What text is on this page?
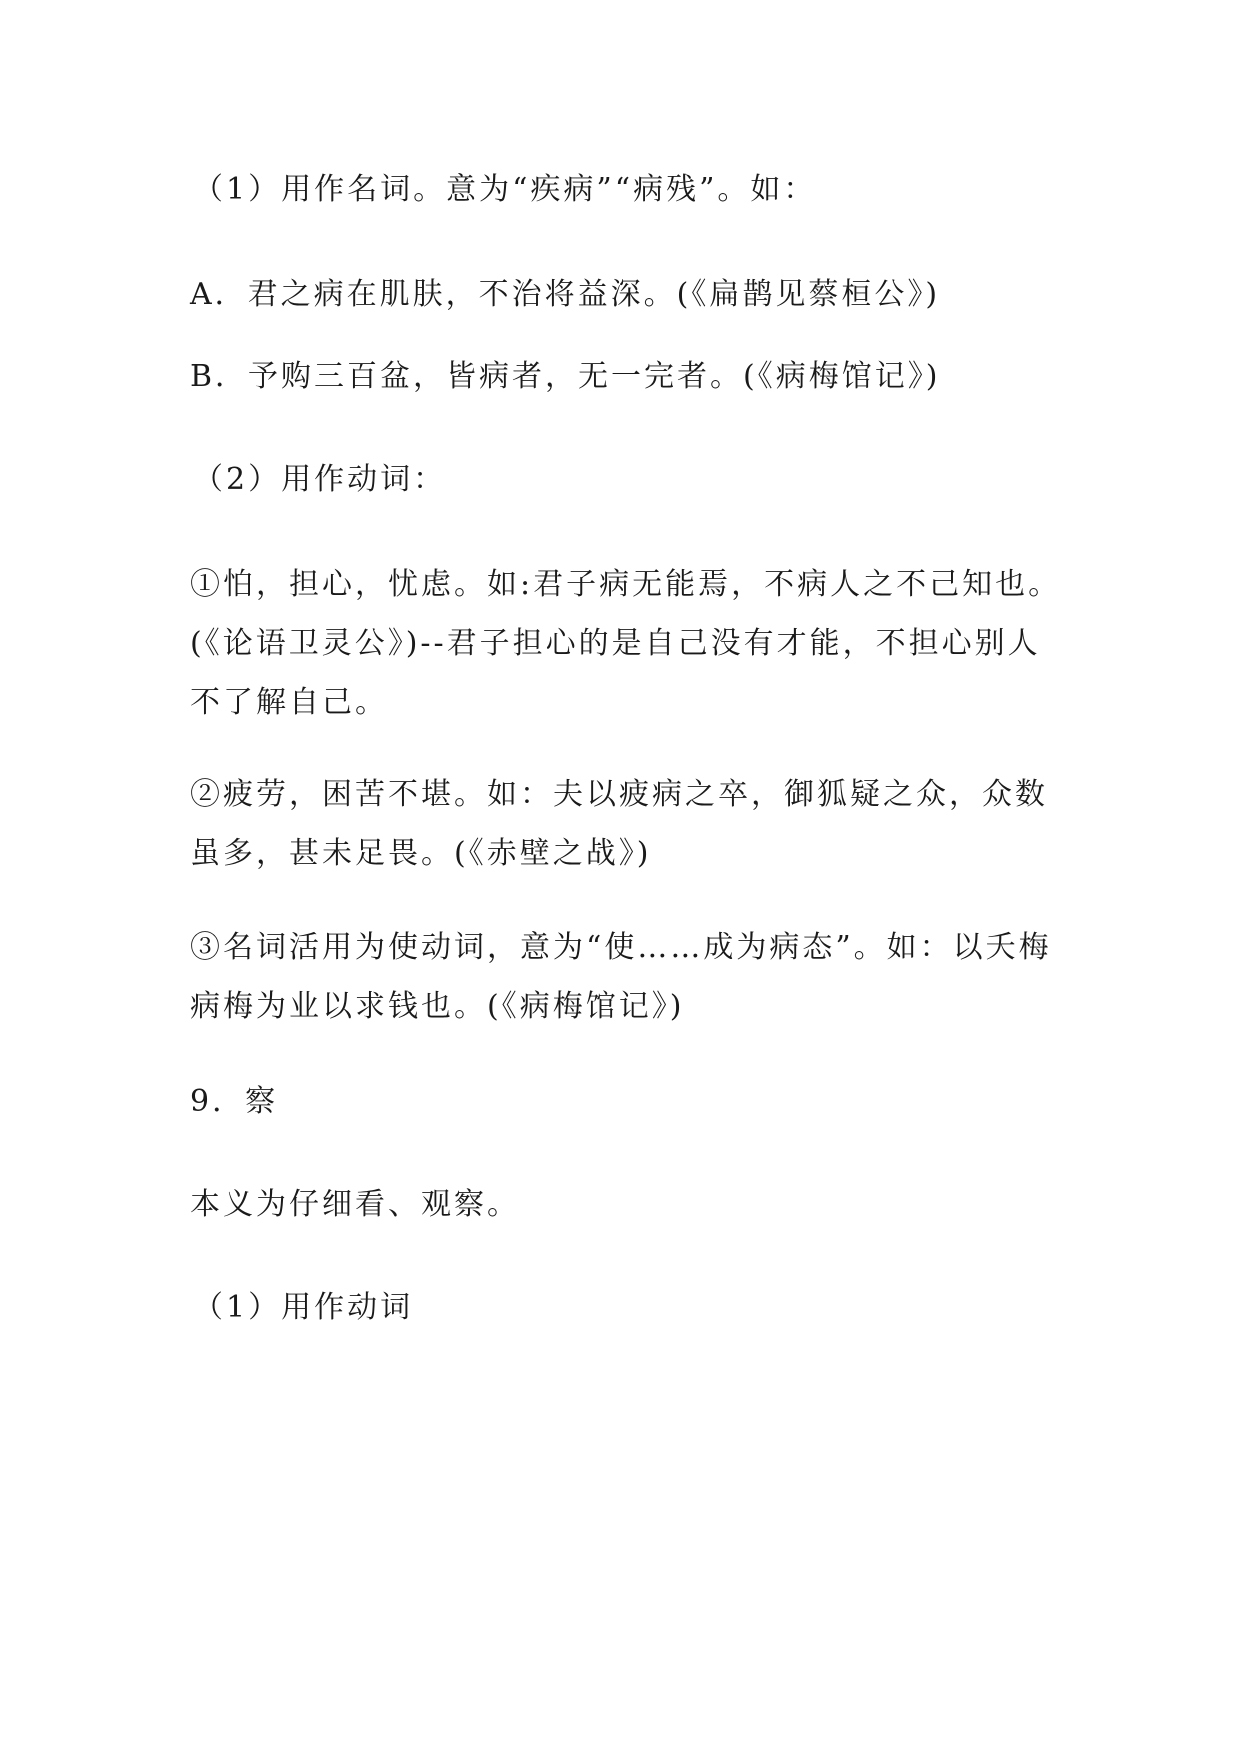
（1）用作名词。意为“疾病”“病残”。如：

A．君之病在肌肤，不治将益深。(《扁鹊见蔡桓公》)

B．予购三百盆，皆病者，无一完者。(《病梅馆记》)

（2）用作动词：

①怕，担心，忧虑。如:君子病无能焉，不病人之不己知也。(《论语卫灵公》)--君子担心的是自己没有才能，不担心别人不了解自己。

②疲劳，困苦不堪。如：夫以疲病之卒，御狐疑之众，众数虽多，甚未足畏。(《赤壁之战》)

③名词活用为使动词，意为“使……成为病态”。如：以夭梅病梅为业以求钱也。(《病梅馆记》)

9．察

本义为仔细看、观察。

（1）用作动词
